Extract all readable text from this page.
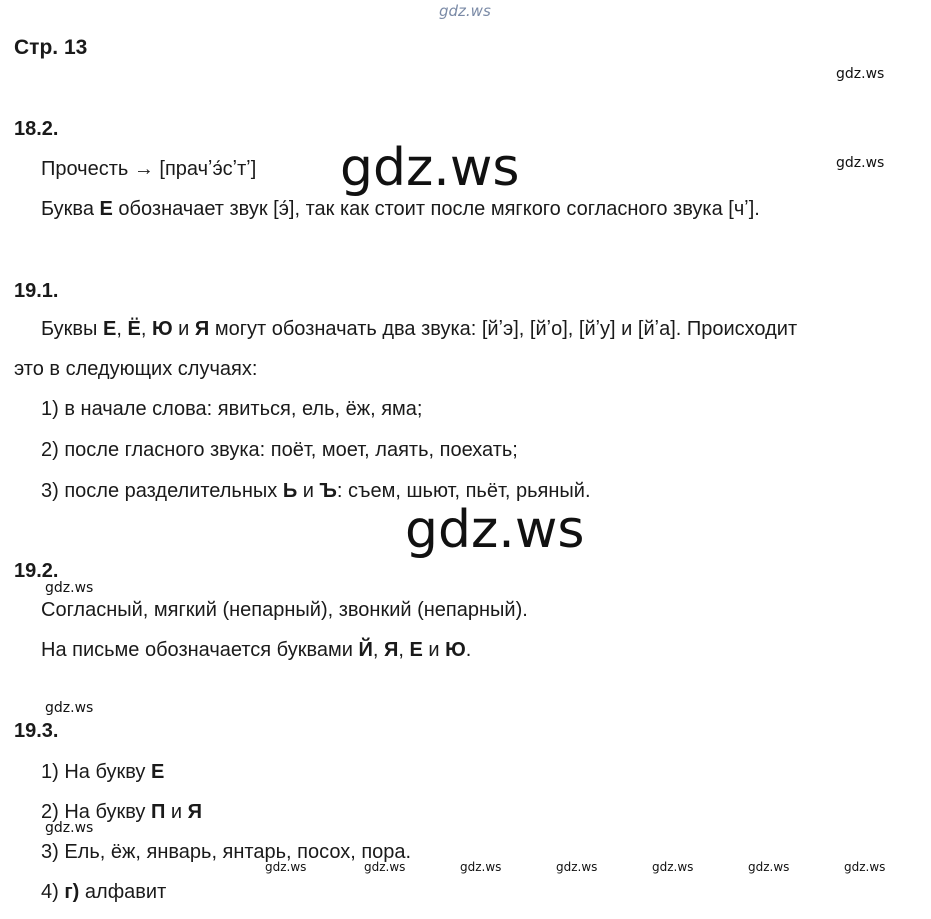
gdz.ws
Стр. 13
gdz.ws
18.2.
Прочесть → [прачʼэ́сʼтʼ]	gdz.ws
gdz.ws
Буква Е обозначает звук [э́], так как стоит после мягкого согласного звука [чʼ].
19.1.
Буквы Е, Ё, Ю и Я могут обозначать два звука: [йʼэ], [йʼо], [йʼу] и [йʼа]. Происходит
это в следующих случаях:
1) в начале слова: явиться, ель, ёж, яма;
2) после гласного звука: поёт, моет, лаять, поехать;
3) после разделительных Ь и Ъ: съем, шьют, пьёт, рьяный.
gdz.ws
19.2.
gdz.ws
Согласный, мягкий (непарный), звонкий (непарный).
На письме обозначается буквами Й, Я, Е и Ю.
gdz.ws
19.3.
1) На букву Е
2) На букву П и Я
gdz.ws
3) Ель, ёж, январь, янтарь, посох, пора.
gdz.ws	gdz.ws	gdz.ws	gdz.ws	gdz.ws	gdz.ws	gdz.ws
4) г) алфавит
